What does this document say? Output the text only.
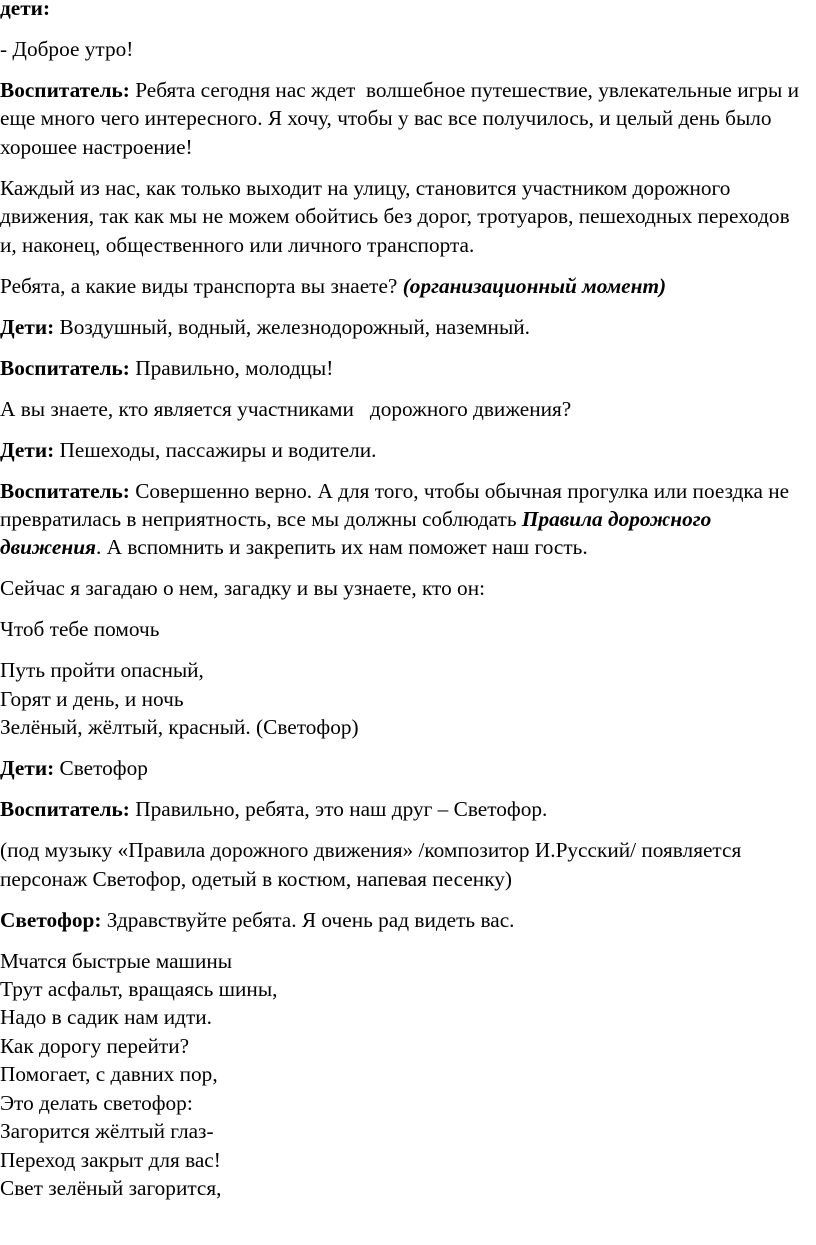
дети:

- Доброе утро!

Воспитатель: Ребята сегодня нас ждет  волшебное путешествие, увлекательные игры и еще много чего интересного. Я хочу, чтобы у вас все получилось, и целый день было хорошее настроение!

Каждый из нас, как только выходит на улицу, становится участником дорожного движения, так как мы не можем обойтись без дорог, тротуаров, пешеходных переходов и, наконец, общественного или личного транспорта.

Ребята, а какие виды транспорта вы знаете? (организационный момент)

Дети: Воздушный, водный, железнодорожный, наземный.

Воспитатель: Правильно, молодцы!

А вы знаете, кто является участниками   дорожного движения?

Дети: Пешеходы, пассажиры и водители.

Воспитатель: Совершенно верно. А для того, чтобы обычная прогулка или поездка не превратилась в неприятность, все мы должны соблюдать Правила дорожного движения. А вспомнить и закрепить их нам поможет наш гость.

Сейчас я загадаю о нем, загадку и вы узнаете, кто он:

Чтоб тебе помочь

Путь пройти опасный,
Горят и день, и ночь
Зелёный, жёлтый, красный. (Светофор)

Дети: Светофор

Воспитатель: Правильно, ребята, это наш друг – Светофор.

(под музыку «Правила дорожного движения» /композитор И.Русский/ появляется персонаж Светофор, одетый в костюм, напевая песенку)

Светофор: Здравствуйте ребята. Я очень рад видеть вас.

Мчатся быстрые машины
Трут асфальт, вращаясь шины,
Надо в садик нам идти.
Как дорогу перейти?
Помогает, с давних пор,
Это делать светофор:
Загорится жёлтый глаз-
Переход закрыт для вас!
Свет зелёный загорится,
